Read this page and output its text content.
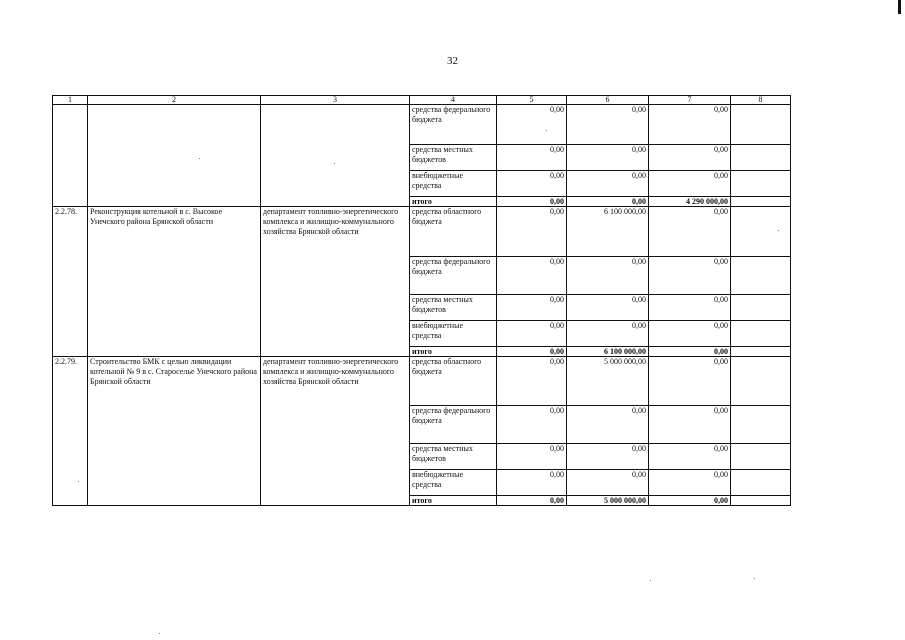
32
1	2	3	4	5	6	7	8
			средства федерального бюджета	0,00	0,00	0,00	
			средства местных бюджетов	0,00	0,00	0,00	
			внебюджетные средства	0,00	0,00	0,00	
			итого	0,00	0,00	4 290 000,00	
2.2.78.	Реконструкция котельной в с. Высокое Унечского района Брянской области	департамент топливно-энергетического комплекса и жилищно-коммунального хозяйства Брянской области	средства областного бюджета	0,00	6 100 000,00	0,00	
			средства федерального бюджета	0,00	0,00	0,00	
			средства местных бюджетов	0,00	0,00	0,00	
			внебюджетные средства	0,00	0,00	0,00	
			итого	0,00	6 100 000,00	0,00	
2.2.79.	Строительство БМК с целью ликвидации котельной № 9 в с. Староселье Унечского района Брянской области	департамент топливно-энергетического комплекса и жилищно-коммунального хозяйства Брянской области	средства областного бюджета	0,00	5 000 000,00	0,00	
			средства федерального бюджета	0,00	0,00	0,00	
			средства местных бюджетов	0,00	0,00	0,00	
			внебюджетные средства	0,00	0,00	0,00	
			итого	0,00	5 000 000,00	0,00	
